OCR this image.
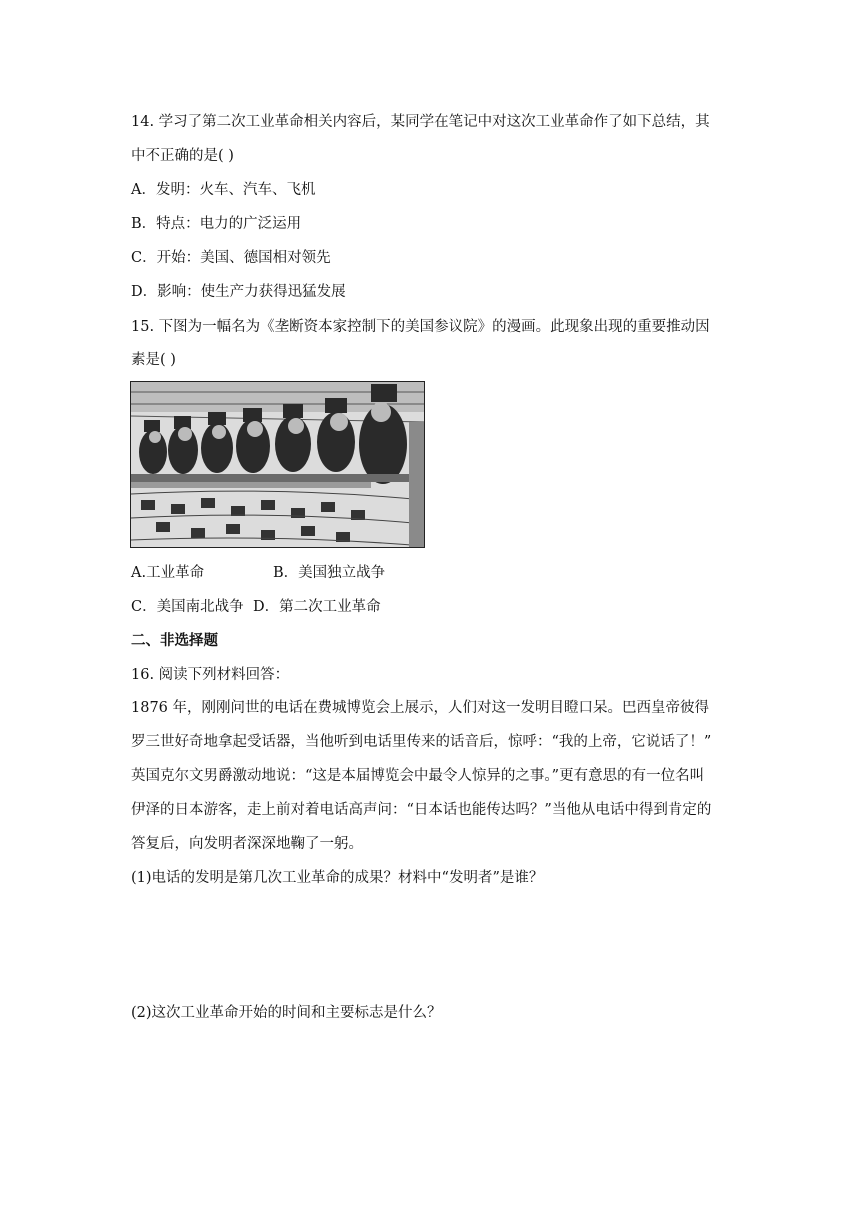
14. 学习了第二次工业革命相关内容后，某同学在笔记中对这次工业革命作了如下总结，其
中不正确的是( )
A．发明：火车、汽车、飞机
B．特点：电力的广泛运用
C．开始：美国、德国相对领先
D．影响：使生产力获得迅猛发展
15. 下图为一幅名为《垄断资本家控制下的美国参议院》的漫画。此现象出现的重要推动因
素是( )
A.工业革命	B．美国独立战争
C．美国南北战争 D．第二次工业革命
二、非选择题
16. 阅读下列材料回答：
1876 年，刚刚问世的电话在费城博览会上展示，人们对这一发明目瞪口呆。巴西皇帝彼得
罗三世好奇地拿起受话器，当他听到电话里传来的话音后，惊呼：“我的上帝，它说话了！”
英国克尔文男爵激动地说：“这是本届博览会中最令人惊异的之事。”更有意思的有一位名叫
伊泽的日本游客，走上前对着电话高声问：“日本话也能传达吗？”当他从电话中得到肯定的
答复后，向发明者深深地鞠了一躬。
(1)电话的发明是第几次工业革命的成果？材料中“发明者”是谁？
(2)这次工业革命开始的时间和主要标志是什么？
